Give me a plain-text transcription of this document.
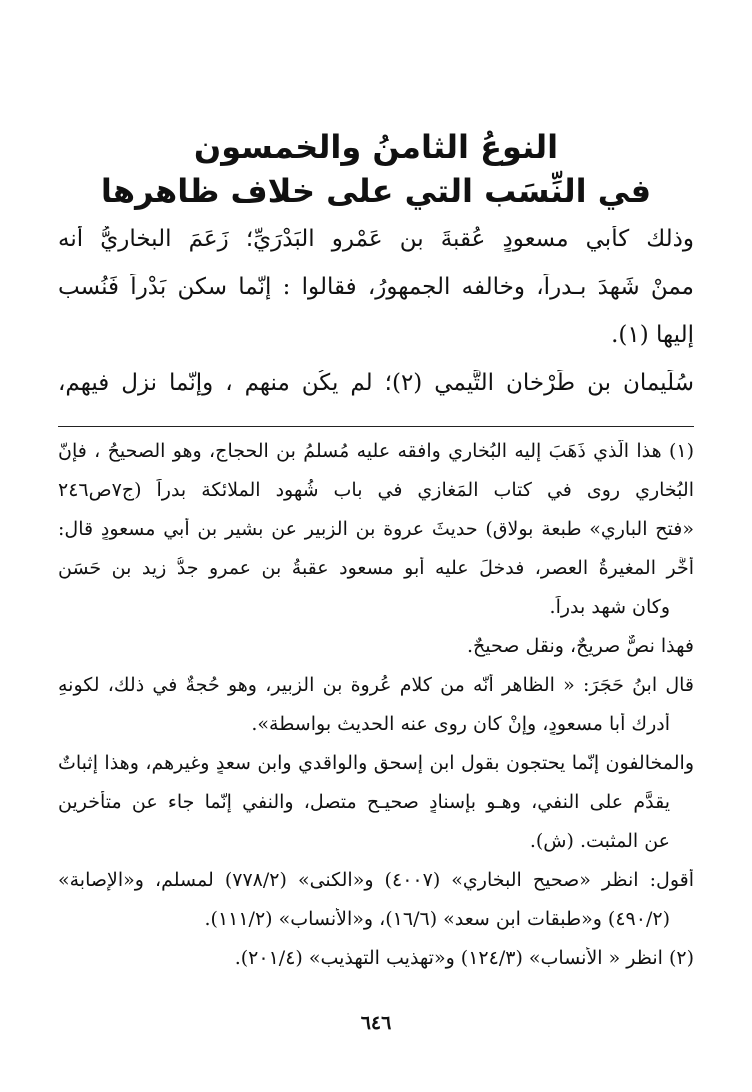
النوعُ الثامنُ والخمسون
في النِّسَب التي على خلاف ظاهرها
وذلك كأبي مسعودٍ عُقبةَ بن عَمْرو البَدْرَيِّ؛ زَعَمَ البخاريُّ أنه
ممنْ شَهِدَ بـدراً، وخالفه الجمهورُ، فقالوا : إنّما سكن بَدْراً فَنُسب
إليها (١).
سُلَيمان بن طَرْخان التَّيمي (٢)؛ لم يكُن منهم ، وإنّما نزل فيهم،
(١) هذا الّذي ذَهَبَ إليه البُخاري وافقه عليه مُسلمُ بن الحجاج، وهو الصحيحُ ، فإنّ
البُخاري روى في كتاب المَغازي في باب شُهود الملائكة بدراً (ج٧ص٢٤٦
«فتح الباري» طبعة بولاق) حديثَ عروة بن الزبير عن بشير بن أبي مسعودٍ قال:
أَخَّر المغيرةُ العصر، فدخلَ عليه أبو مسعود عقبةُ بن عمرو جدُّ زيد بن حَسَن
وكان شهد بدراً.
فهذا نصٌّ صريحٌ، ونقل صحيحٌ.
قال ابنُ حَجَرَ: « الظاهر أنّه من كلام عُروة بن الزبير، وهو حُجةٌ في ذلك، لكونهِ
أدرك أبا مسعودٍ، وإنْ كان روى عنه الحديث بواسطة».
والمخالفون إنّما يحتجون بقول ابن إسحق والواقدي وابن سعدٍ وغيرهم، وهذا إثباتٌ
يقدَّم على النفي، وهـو بإسنادٍ صحيـح متصل، والنفي إنّما جاء عن متأخرين
عن المثبت. (ش).
أقول: انظر «صحيح البخاري» (٤٠٠٧) و«الكنى» (٧٧٨/٢) لمسلم، و«الإصابة»
(٤٩٠/٢) و«طبقات ابن سعد» (١٦/٦)، و«الأنساب» (١١١/٢).
(٢) انظر « الأنساب» (١٢٤/٣) و«تهذيب التهذيب» (٢٠١/٤).
٦٤٦
